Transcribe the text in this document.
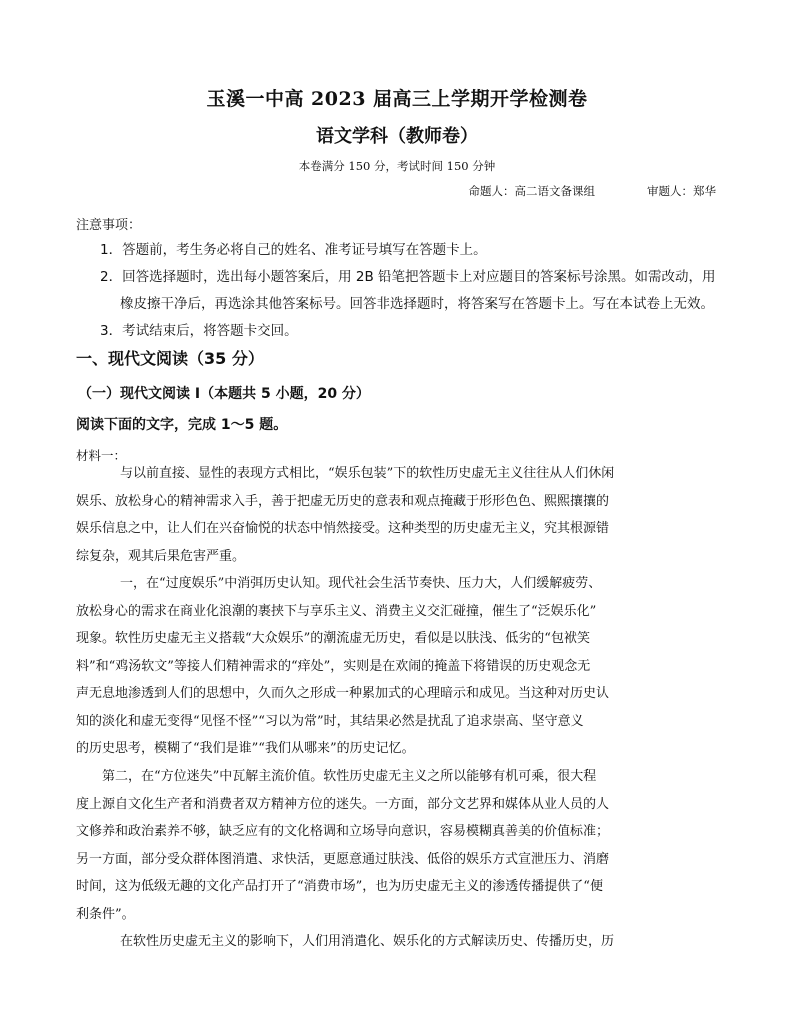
玉溪一中高 2023 届高三上学期开学检测卷
语文学科（教师卷）
本卷满分 150 分，考试时间 150 分钟
命题人：高二语文备课组	审题人：郑华
注意事项：
1．答题前，考生务必将自己的姓名、准考证号填写在答题卡上。
2．回答选择题时，选出每小题答案后，用 2B 铅笔把答题卡上对应题目的答案标号涂黑。如需改动，用
橡皮擦干净后，再选涂其他答案标号。回答非选择题时，将答案写在答题卡上。写在本试卷上无效。
3．考试结束后，将答题卡交回。
一、现代文阅读（35 分）
（一）现代文阅读 I（本题共 5 小题，20 分）
阅读下面的文字，完成 1～5 题。
材料一：
与以前直接、显性的表现方式相比，“娱乐包装”下的软性历史虚无主义往往从人们休闲
娱乐、放松身心的精神需求入手，善于把虚无历史的意表和观点掩藏于形形色色、熙熙攘攘的
娱乐信息之中，让人们在兴奋愉悦的状态中悄然接受。这种类型的历史虚无主义，究其根源错
综复杂，观其后果危害严重。
一，在“过度娱乐”中消弭历史认知。现代社会生活节奏快、压力大，人们缓解疲劳、
放松身心的需求在商业化浪潮的裹挟下与享乐主义、消费主义交汇碰撞，催生了“泛娱乐化”
现象。软性历史虚无主义搭载“大众娱乐”的潮流虚无历史，看似是以肤浅、低劣的“包袱笑
料”和“鸡汤软文”等接人们精神需求的“痒处”，实则是在欢闹的掩盖下将错误的历史观念无
声无息地渗透到人们的思想中，久而久之形成一种累加式的心理暗示和成见。当这种对历史认
知的淡化和虚无变得“见怪不怪”“习以为常”时，其结果必然是扰乱了追求崇高、坚守意义
的历史思考，模糊了“我们是谁”“我们从哪来”的历史记忆。
第二，在“方位迷失”中瓦解主流价值。软性历史虚无主义之所以能够有机可乘，很大程
度上源自文化生产者和消费者双方精神方位的迷失。一方面，部分文艺界和媒体从业人员的人
文修养和政治素养不够，缺乏应有的文化格调和立场导向意识，容易模糊真善美的价值标准；
另一方面，部分受众群体图消遣、求快活，更愿意通过肤浅、低俗的娱乐方式宣泄压力、消磨
时间，这为低级无趣的文化产品打开了“消费市场”，也为历史虚无主义的渗透传播提供了“便
利条件”。
在软性历史虚无主义的影响下，人们用消遣化、娱乐化的方式解读历史、传播历史，历
